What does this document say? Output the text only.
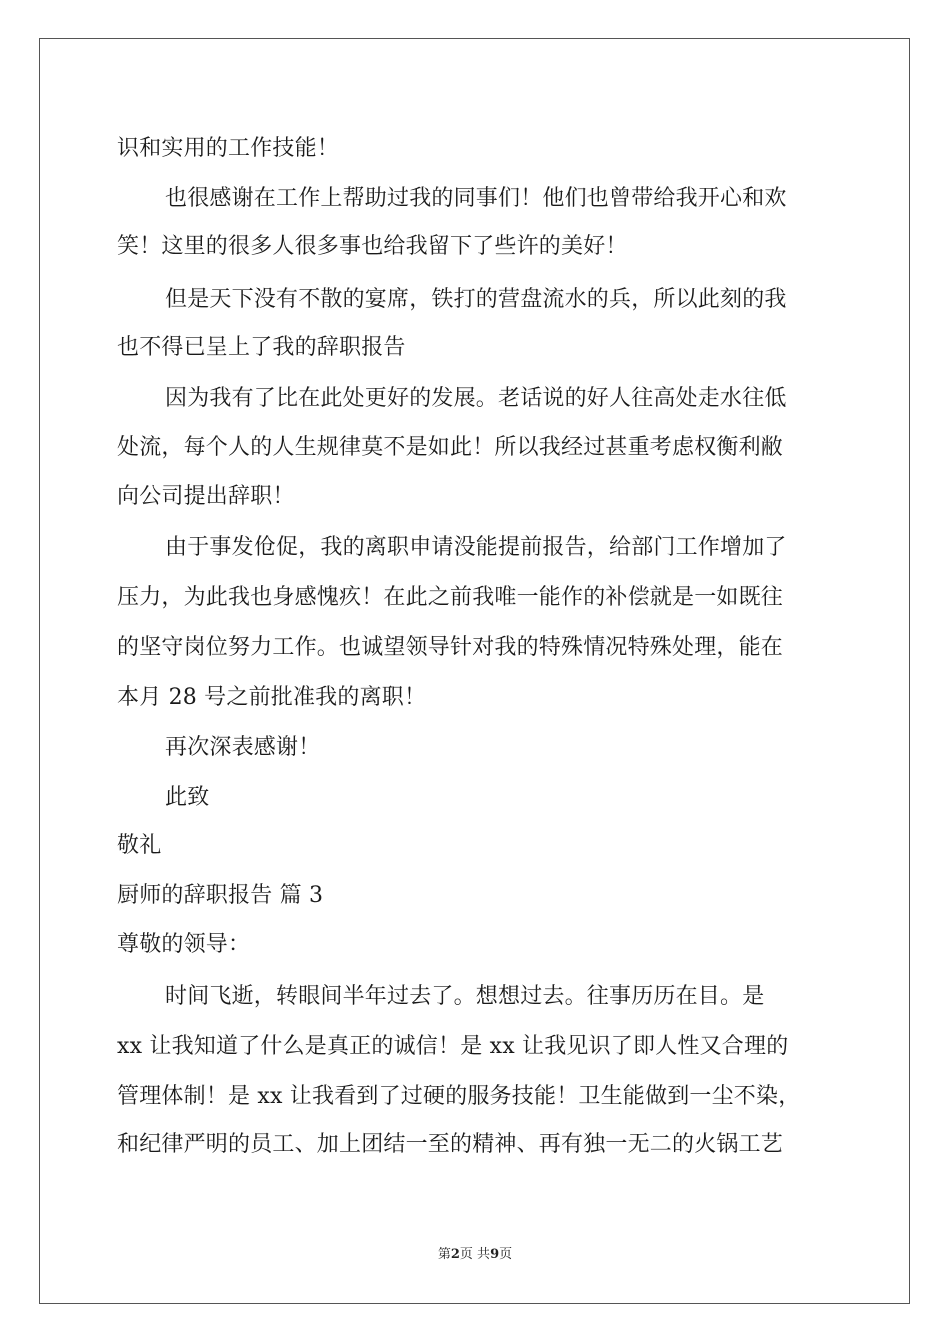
识和实用的工作技能！
也很感谢在工作上帮助过我的同事们！他们也曾带给我开心和欢
笑！这里的很多人很多事也给我留下了些许的美好！
但是天下没有不散的宴席，铁打的营盘流水的兵，所以此刻的我
也不得已呈上了我的辞职报告
因为我有了比在此处更好的发展。老话说的好人往高处走水往低
处流，每个人的人生规律莫不是如此！所以我经过甚重考虑权衡利敝
向公司提出辞职！
由于事发伧促，我的离职申请没能提前报告，给部门工作增加了
压力，为此我也身感愧疚！在此之前我唯一能作的补偿就是一如既往
的坚守岗位努力工作。也诚望领导针对我的特殊情况特殊处理，能在
本月 28 号之前批准我的离职！
再次深表感谢！
此致
敬礼
厨师的辞职报告 篇 3
尊敬的领导：
时间飞逝，转眼间半年过去了。想想过去。往事历历在目。是
xx 让我知道了什么是真正的诚信！是 xx 让我见识了即人性又合理的
管理体制！是 xx 让我看到了过硬的服务技能！卫生能做到一尘不染，
和纪律严明的员工、加上团结一至的精神、再有独一无二的火锅工艺
第2页 共9页
